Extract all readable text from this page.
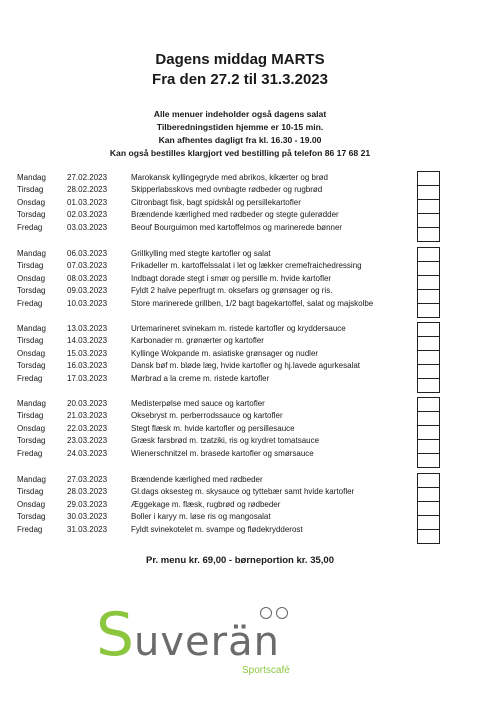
Dagens middag MARTS
Fra den 27.2 til 31.3.2023
Alle menuer indeholder også dagens salat
Tilberedningstiden hjemme er 10-15 min.
Kan afhentes dagligt fra kl. 16.30 - 19.00
Kan også bestilles klargjort ved bestilling på telefon 86 17 68 21
Mandag	27.02.2023	Marokansk kyllingegryde med abrikos, kikærter og brød
Tirsdag	28.02.2023	Skipperlabsskovs med ovnbagte rødbeder og rugbrød
Onsdag	01.03.2023	Citronbagt fisk, bagt spidskål og persillekartofler
Torsdag	02.03.2023	Brændende kærlighed med rødbeder og stegte gulerødder
Fredag	03.03.2023	Beouf Bourguimon med kartoffelmos og marinerede bønner
Mandag	06.03.2023	Grillkylling med stegte kartofler og salat
Tirsdag	07.03.2023	Frikadeller m. kartoffelssalat i let og lækker cremefraichedressing
Onsdag	08.03.2023	Indbagt dorade stegt i smør og persille m. hvide kartofler
Torsdag	09.03.2023	Fyldt 2 halve peperfrugt m. oksefars og grønsager og ris.
Fredag	10.03.2023	Store marinerede grillben, 1/2 bagt bagekartoffel, salat og majskolbe
Mandag	13.03.2023	Urtemarineret svinekam m. ristede kartofler og kryddersauce
Tirsdag	14.03.2023	Karbonader m. grønærter og kartofler
Onsdag	15.03.2023	Kyllinge Wokpande m. asiatiske grønsager og nudler
Torsdag	16.03.2023	Dansk bøf m. bløde læg, hvide kartofler og hj.lavede agurkesalat
Fredag	17.03.2023	Mørbrad a la creme m. ristede kartofler
Mandag	20.03.2023	Medisterpølse med sauce og kartofler
Tirsdag	21.03.2023	Oksebryst m. perberrodssauce og kartofler
Onsdag	22.03.2023	Stegt flæsk m. hvide kartofler og persillesauce
Torsdag	23.03.2023	Græsk farsbrød m. tzatziki, ris og krydret tomatsauce
Fredag	24.03.2023	Wienerschnitzel m. brasede kartofler og smørsauce
Mandag	27.03.2023	Brændende kærlighed med rødbeder
Tirsdag	28.03.2023	Gl.dags oksesteg m. skysauce og tyttebær samt hvide kartofler
Onsdag	29.03.2023	Æggekage m. flæsk, rugbrød og rødbeder
Torsdag	30.03.2023	Boller i karyy m. løse ris og mangosalat
Fredag	31.03.2023	Fyldt svinekotelet m. svampe og flødekrydderost
Pr. menu kr. 69,00 - børneportion kr. 35,00
S uverän
Sportscafé
